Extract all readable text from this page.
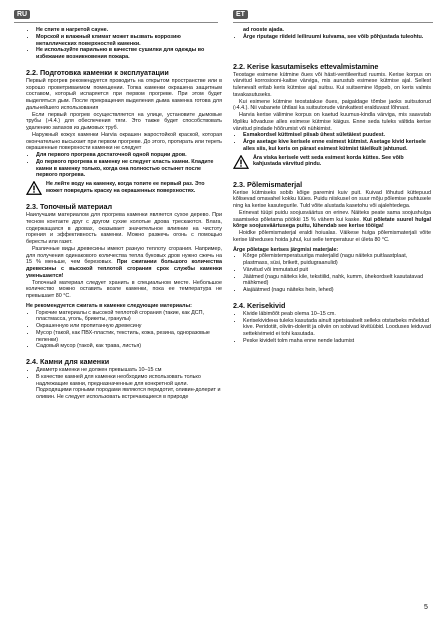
RU	ET
• Не спите в нагретой сауне.
• Морской и влажный климат может вызвать коррозию металлических поверхностей каменки.
• Не используйте парильню в качестве сушилки для одежды во избежание возникновения пожара.
2.2. Подготовка каменки к эксплуатации

Первый прогрев рекомендуется проводить на открытом пространстве или в хорошо проветриваемом помещении. Топка каменки окрашена защитным составом, который испаряется при первом прогреве. При этом будет выделяться дым. После прекращения выделения дыма каменка готова для дальнейшего использования

Если первый прогрев осуществляется на улице, установите дымовые трубы (›4.4.) для обеспечения тяги. Это также будет способствовать удалению запахов из дымовых труб.

Наружный кожух каменки Harvia окрашен жаростойкой краской, которая окончательно высыхает при первом прогреве. До этого, протирать или тереть окрашенные поверхности каменки не следует

• Для первого прогрева достаточной одной порции дров.
• До первого прогрева в каменку не следует класть камни. Кладите камни в каменку только, когда она полностью остынет после первого прогрева.
Не лейте воду на каменку, когда топите ее первый раз. Это может повредить краску на окрашенных поверхностях.
2.3. Топочный материал

Наилучшим материалом для прогрева каменки является сухое дерево. При тесном контакте друг с другом сухие колотые дрова трескаются. Влага, содержащаяся в дровах, оказывает значительное влияние на чистоту горения и эффективность каменки. Можно разжечь огонь с помощью бересты или газет.

Различные виды древесины имеют разную теплоту сгорания. Например, для получения одинакового количества тепла буковых дров нужно сжечь на 15 % меньше, чем березовых. При сжигании большого количества древесины с высокой теплотой сгорания срок службы каменки уменьшается!

Топочный материал следует хранить в специальном месте. Небольшое количество можно оставить возле каменки, пока ее температура не превышает 80 °С.

Не рекомендуется сжигать в каменке следующие материалы:

• Горючие материалы с высокой теплотой сгорания (такие, как ДСП, пластмасса, уголь, брикеты, гранулы)
• Окрашенную или пропитанную древесину
• Мусор (такой, как ПВХ-пластик, текстиль, кожа, резина, одноразовые пеленки)
• Садовый мусор (такой, как трава, листья)
2.4. Камни для каменки
• Диаметр каменки не должен превышать 10–15 см
• В качестве камней для каменки необходимо использовать только надлежащие камни, предназначенные для конкретной цели. Подходящими горными породами являются перидотит, оливин-долерит и оливин. Не следует использовать встречающиеся в природе
ad rooste ajada.
• Ärge riputage riideid leiliruumi kuivama, see võib põhjustada tuleohtu.
2.2. Kerise kasutamiseks ettevalmistamine

Teostage esimene kütmine õues või hästi-ventileeritud ruumis. Kerise korpus on värvitud korrosiooni-kaitse värviga, mis aurustub esimese kütmise ajal. Sellest tulenevalt eritab keris kütmise ajal suitsu. Kui suitsemine lõppeb, on keris valmis tavakasutuseks.

Kui esimene kütmine teostatakse õues, paigaldage tõmbe jaoks suitsutorud (›4.4.). Nii vabanete ühtlasi ka suitsutorude värvkattest eralduvast lõhnast.

Harvia kerise välimine korpus on kaetud kuumus-kindla värviga, mis saavutab lõpliku kõvaduse alles esimese kütmise käigus. Enne seda tuleks vältida kerise värvitud pindade hõõrumist või nühkimist.

• Esmakordsel küttmisel piisab ühest sületäiest puudest.
• Ärge asetage kive kerisele enne esimest kütmist. Asetage kivid kerisele alles siis, kui keris on pärast esimest kütmist täielikult jahtunud.
Ära viska kerisele vett seda esimest korda küttes. See võib kahjustada värvitud pindu.
2.3. Põlemismaterjal

Kerise kütmiseks sobib kõige paremini kuiv puit. Kuivad lõhutud küttepuud kõlisevad omavahel kokku lüües. Puidu niiskusel on suur mõju põlemise puhtusele ning ka kerise kasutegurile. Tuld võite alustada kasetohu või ajalehtedega.

Erinevat tüüpi puidu soojusväärtus on erinev. Näiteks peate sama soojushulga saamiseks põletama pöökki 15 % vähem kui kaske. Kui põletate suurel hulgal kõrge soojusväärtusega puitu, lühendab see kerise tööiga!

Hoidke põlemismaterjal eraldi hoiualas. Väikese hulga põlemismaterjali võite kerise läheduses hoida juhul, kui selle temperatuur ei ületa 80 °C.

Ärge põletage kerises järgmisi materjale:

• Kõrge põlemistemperatuuriga materjalid (nagu näiteks puitlaastplaat, plastmass, süsi, brikett, puidugraanulid)
• Värvitud või immutatud puit
• Jäätmed (nagu näiteks kile, tekstiilid, nahk, kumm, ühekordselt kasutatavad mähkmed)
• Aiajäätmed (nagu näiteks hein, lehed)
2.4. Kerisekivid
• Kivide läbimõõt peab olema 10–15 cm.
• Kerisekivideна tuleks kasutada ainult spetsiaalselt sellеks otstarbeks mõeldud kive. Peridotiit, oliviin-doleriit ja oliviin on sobivad kivitüübid. Looduses leiduvad settekivimeid ei tohi kasutada.
• Peske kividelt tolm maha enne nende ladumist
5
